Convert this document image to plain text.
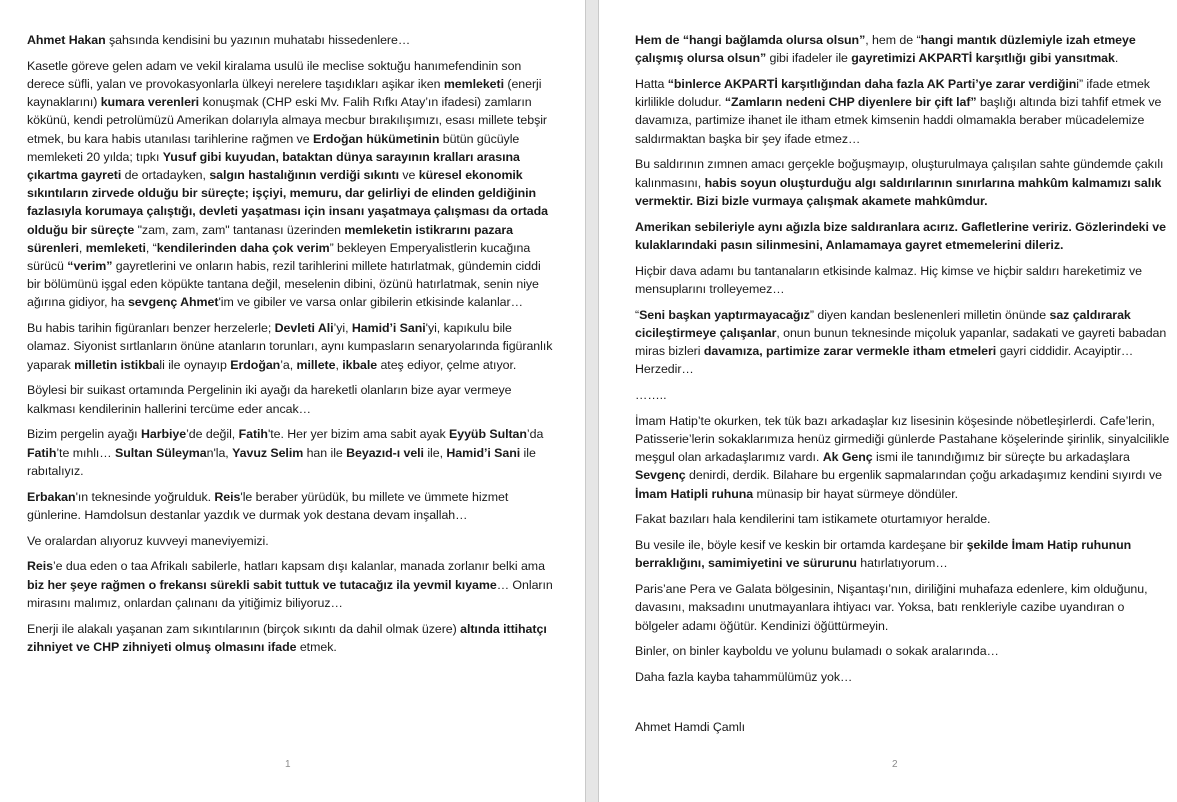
Ahmet Hakan şahsında kendisini bu yazının muhatabı hissedenlere…

Kasetle göreve gelen adam ve vekil kiralama usulü ile meclise soktuğu hanımefendinin son derece süfli, yalan ve provokasyonlarla ülkeyi nerelere taşıdıkları aşikar iken memleketi (enerji kaynaklarını) kumara verenleri konuşmak (CHP eski Mv. Falih Rıfkı Atay’ın ifadesi) zamların kökünü, kendi petrolümüzü Amerikan dolarıyla almaya mecbur bırakılışımızı, esası millete tebşir etmek, bu kara habis utanılası tarihlerine rağmen ve Erdoğan hükümetinin bütün gücüyle memleketi 20 yılda; tıpkı Yusuf gibi kuyudan, bataktan dünya sarayının kralları arasına çıkartma gayreti de ortadayken, salgın hastalığının verdiği sıkıntı ve küresel ekonomik sıkıntıların zirvede olduğu bir süreçte; işçiyi, memuru, dar gelirliyi de elinden geldiğinin fazlasıyla korumaya çalıştığı, devleti yaşatması için insanı yaşatmaya çalışması da ortada olduğu bir süreçte "zam, zam, zam" tantanası üzerinden memleketin istikrarını pazara sürenleri, memleketi, “kendilerinden daha çok verim” bekleyen Emperyalistlerin kucağına sürücü “verim” gayretlerini ve onların habis, rezil tarihlerini millete hatırlatmak, gündemin ciddi bir bölümünü işgal eden köpükte tantana değil, meselenin dibini, özünü hatırlatmak, senin niye ağırına gidiyor, ha sevgenç Ahmet'im ve gibiler ve varsa onlar gibilerin etkisinde kalanlar…

Bu habis tarihin figüranları benzer herzelerle; Devleti Ali’yi, Hamid’i Sani'yi, kapıkulu bile olamaz. Siyonist sırtlanların önüne atanların torunları, aynı kumpasların senaryolarında figüranlık yaparak milletin istikbali ile oynayıp Erdoğan’a, millete, ikbale ateş ediyor, çelme atıyor.

Böylesi bir suikast ortamında Pergelinin iki ayağı da hareketli olanların bize ayar vermeye kalkması kendilerinin hallerini tercüme eder ancak…

Bizim pergelin ayağı Harbiye’de değil, Fatih'te. Her yer bizim ama sabit ayak Eyyüb Sultan’da Fatih’te mıhlı… Sultan Süleyman'la, Yavuz Selim han ile Beyazıd-ı veli ile, Hamid’i Sani ile rabıtalıyız.

Erbakan'ın teknesinde yoğrulduk. Reis'le beraber yürüdük, bu millete ve ümmete hizmet günlerine. Hamdolsun destanlar yazdık ve durmak yok destana devam inşallah…

Ve oralardan alıyoruz kuvveyi maneviyemizi.

Reis’e dua eden o taa Afrikalı sabilerle, hatları kapsam dışı kalanlar, manada zorlanır belki ama biz her şeye rağmen o frekansı sürekli sabit tuttuk ve tutacağız ila yevmil kıyame… Onların mirasını malımız, onlardan çalınanı da yitiğimiz biliyoruz…

Enerji ile alakalı yaşanan zam sıkıntılarının (birçok sıkıntı da dahil olmak üzere) altında ittihatçı zihniyet ve CHP zihniyeti olmuş olmasını ifade etmek.

1

Hem de “hangi bağlamda olursa olsun”, hem de “hangi mantık düzlemiyle izah etmeye çalışmış olursa olsun” gibi ifadeler ile gayretimizi AKPARTİ karşıtlığı gibi yansıtmak.

Hatta “binlerce AKPARTİ karşıtlığından daha fazla AK Parti’ye zarar verdiğini” ifade etmek kirlilikle doludur. “Zamların nedeni CHP diyenlere bir çift laf” başlığı altında bizi tahfif etmek ve davamıza, partimize ihanet ile itham etmek kimsenin haddi olmamakla beraber mücadelemize saldırmaktan başka bir şey ifade etmez…

Bu saldırının zımnen amacı gerçekle boğuşmayıp, oluşturulmaya çalışılan sahte gündemde çakılı kalınmasını, habis soyun oluşturduğu algı saldırılarının sınırlarına mahkûm kalmamızı salık vermektir. Bizi bizle vurmaya çalışmak akamete mahkûmdur.

Amerikan sebileriyle aynı ağızla bize saldıranlara acırız. Gafletlerine veririz. Gözlerindeki ve kulaklarındaki pasın silinmesini, Anlamamaya gayret etmemelerini dileriz.

Hiçbir dava adamı bu tantanaların etkisinde kalmaz. Hiç kimse ve hiçbir saldırı hareketimiz ve mensuplarını trolleyemez…

“Seni başkan yaptırmayacağız” diyen kandan beslenenleri milletin önünde saz çaldırarak cicileştirmeye çalışanlar, onun bunun teknesinde miçoluk yapanlar, sadakati ve gayreti babadan miras bizleri davamıza, partimize zarar vermekle itham etmeleri gayri ciddidir. Acayiptir… Herzedir…

……..

İmam Hatip’te okurken, tek tük bazı arkadaşlar kız lisesinin köşesinde nöbetleşirlerdi. Cafe’lerin, Patisserie’lerin sokaklarımıza henüz girmediği günlerde Pastahane köşelerinde şirinlik, sinyalcilikle meşgul olan arkadaşlarımız vardı. Ak Genç ismi ile tanındığımız bir süreçte bu arkadaşlara Sevgenç denirdi, derdik. Bilahare bu ergenlik sapmalarından çoğu arkadaşımız kendini sıyırdı ve İmam Hatipli ruhuna münasip bir hayat sürmeye döndüler.

Fakat bazıları hala kendilerini tam istikamete oturtamıyor heralde.

Bu vesile ile, böyle kesif ve keskin bir ortamda kardeşane bir şekilde İmam Hatip ruhunun berraklığını, samimiyetini ve sürurunu hatırlatıyorum…

Paris’ane Pera ve Galata bölgesinin, Nişantaşı’nın, diriliğini muhafaza edenlere, kim olduğunu, davasını, maksadını unutmayanlara ihtiyacı var. Yoksa, batı renkleriyle cazibe uyandıran o bölgeler adamı öğütür. Kendinizi öğüttürmeyin.

Binler, on binler kayboldu ve yolunu bulamadı o sokak aralarında…

Daha fazla kayba tahammülümüz yok…

Ahmet Hamdi Çamlı

2
